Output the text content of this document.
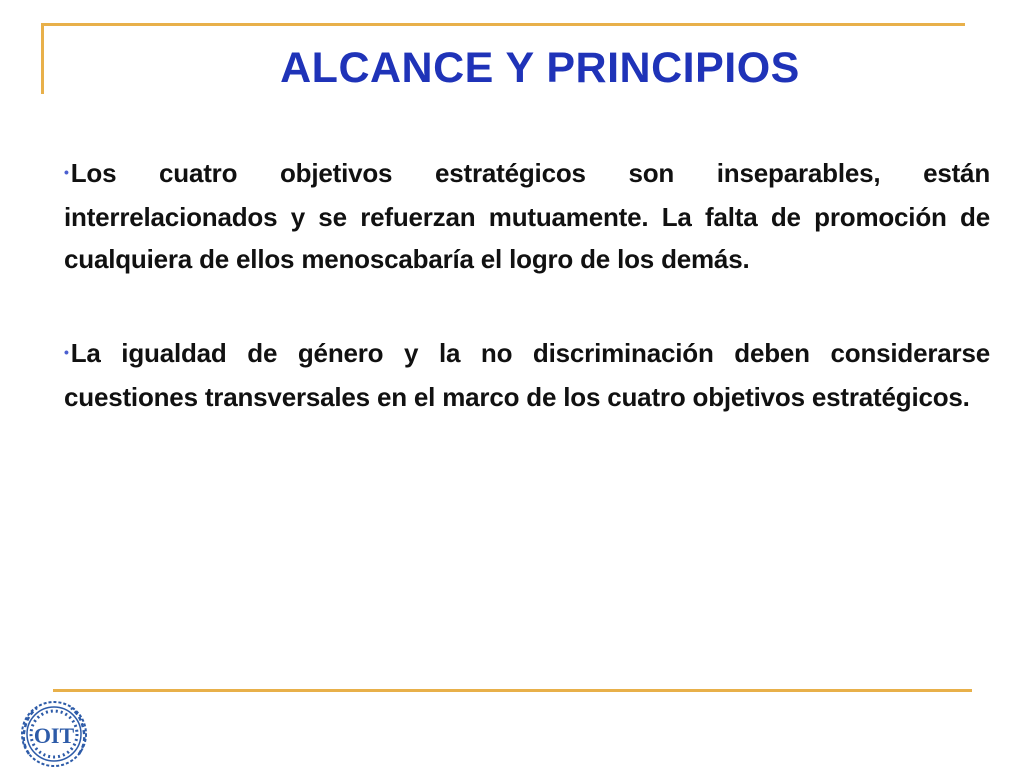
ALCANCE Y PRINCIPIOS

•Los cuatro objetivos estratégicos son inseparables, están interrelacionados y se refuerzan mutuamente. La falta de promoción de cualquiera de ellos menoscabaría el logro de los demás.

•La igualdad de género y la no discriminación deben considerarse cuestiones transversales en el marco de los cuatro objetivos estratégicos.

OIT
